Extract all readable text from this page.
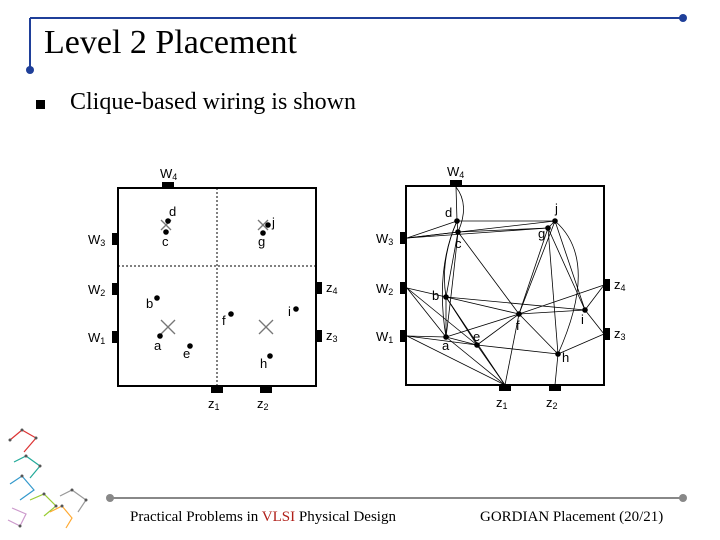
Level 2 Placement
Clique-based wiring is shown
d
c
j
g
b
f
i
a
e
h
W4
W3
W2
W1
z4
z3
z1	z2
d
c
j
g
b
f	i
a
e
h
W4
W3
W2
W1
z4
z3
z1	z2
Practical Problems in VLSI Physical Design	GORDIAN Placement (20/21)
